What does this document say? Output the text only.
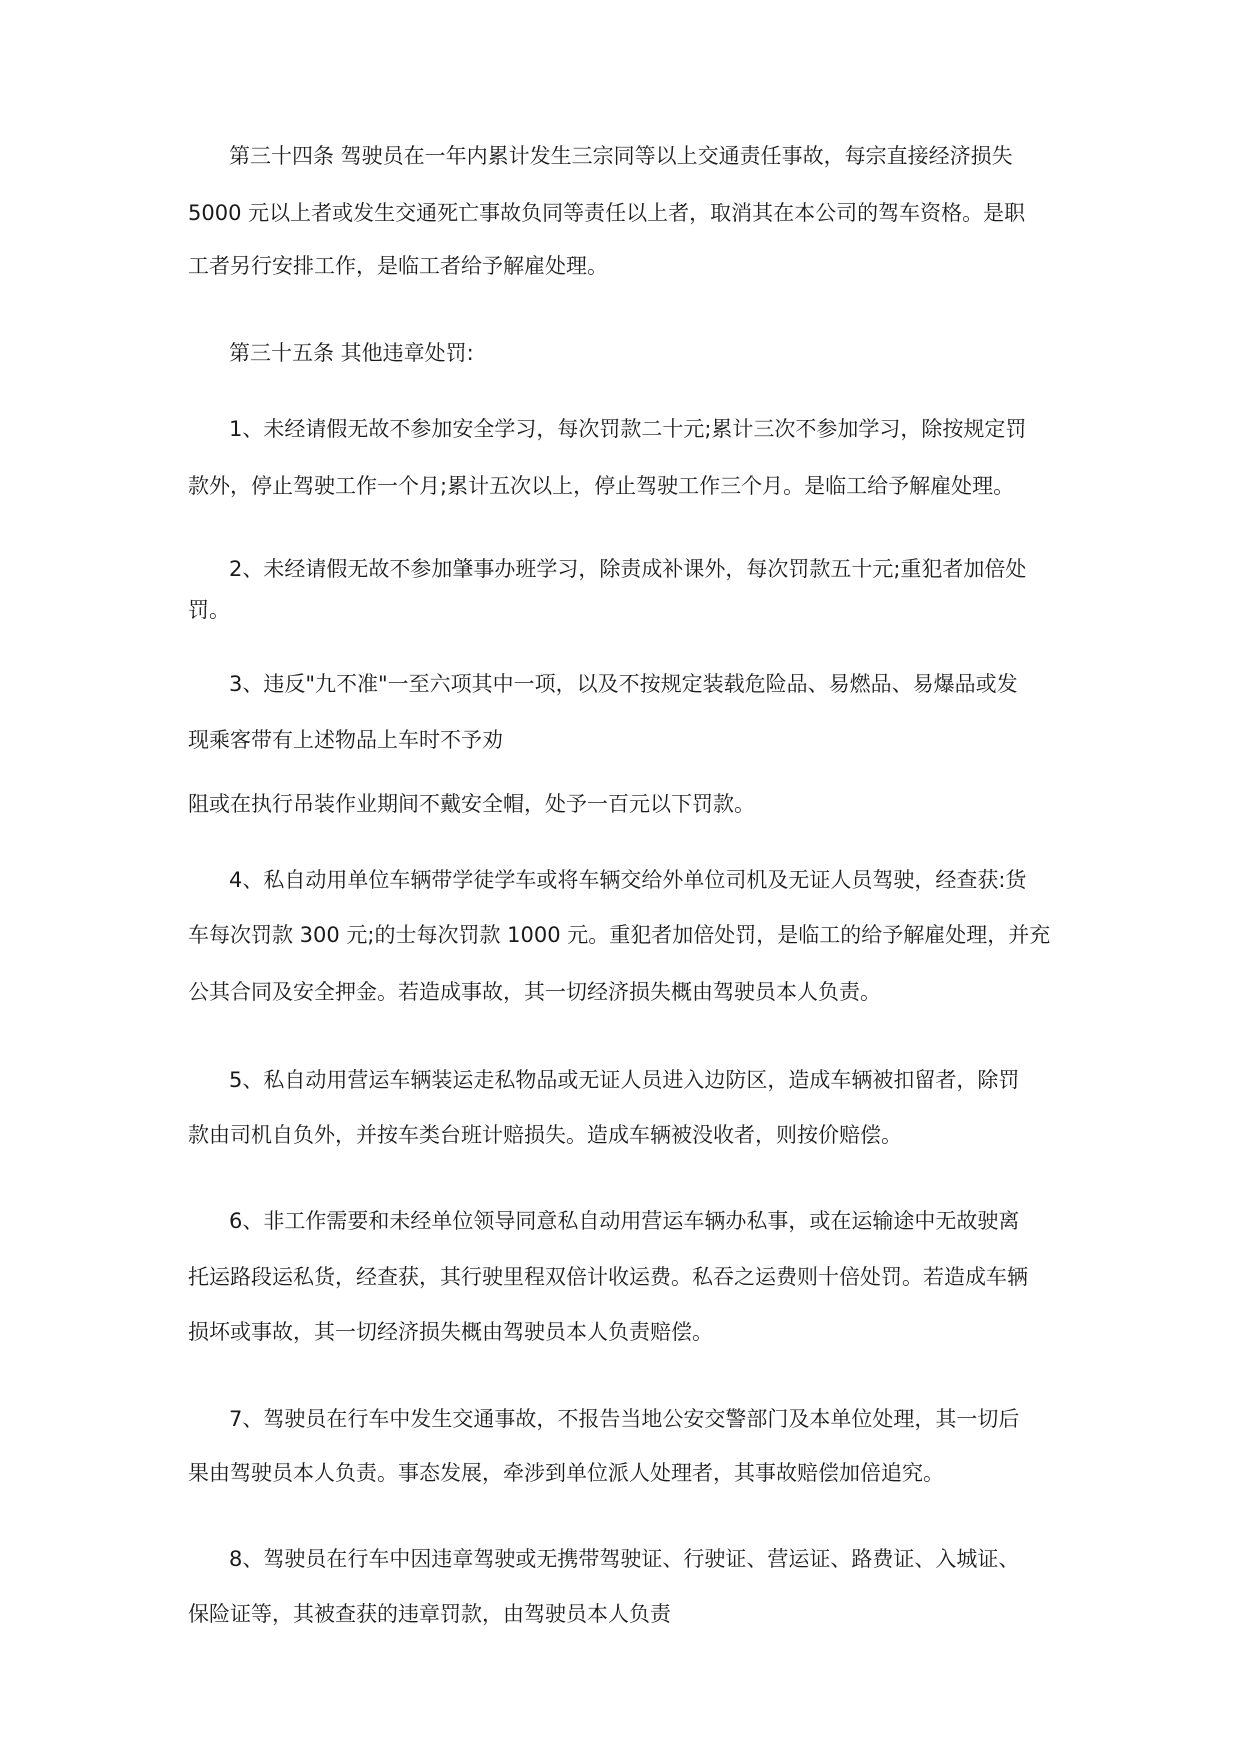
第三十四条 驾驶员在一年内累计发生三宗同等以上交通责任事故，每宗直接经济损失

5000 元以上者或发生交通死亡事故负同等责任以上者，取消其在本公司的驾车资格。是职

工者另行安排工作，是临工者给予解雇处理。

第三十五条 其他违章处罚:

1、未经请假无故不参加安全学习，每次罚款二十元;累计三次不参加学习，除按规定罚

款外，停止驾驶工作一个月;累计五次以上，停止驾驶工作三个月。是临工给予解雇处理。

2、未经请假无故不参加肇事办班学习，除责成补课外，每次罚款五十元;重犯者加倍处

罚。

3、违反"九不准"一至六项其中一项，以及不按规定装载危险品、易燃品、易爆品或发

现乘客带有上述物品上车时不予劝

阻或在执行吊装作业期间不戴安全帽，处予一百元以下罚款。

4、私自动用单位车辆带学徒学车或将车辆交给外单位司机及无证人员驾驶，经查获:货

车每次罚款 300 元;的士每次罚款 1000 元。重犯者加倍处罚，是临工的给予解雇处理，并充

公其合同及安全押金。若造成事故，其一切经济损失概由驾驶员本人负责。

5、私自动用营运车辆装运走私物品或无证人员进入边防区，造成车辆被扣留者，除罚

款由司机自负外，并按车类台班计赔损失。造成车辆被没收者，则按价赔偿。

6、非工作需要和未经单位领导同意私自动用营运车辆办私事，或在运输途中无故驶离

托运路段运私货，经查获，其行驶里程双倍计收运费。私吞之运费则十倍处罚。若造成车辆

损坏或事故，其一切经济损失概由驾驶员本人负责赔偿。

7、驾驶员在行车中发生交通事故，不报告当地公安交警部门及本单位处理，其一切后

果由驾驶员本人负责。事态发展，牵涉到单位派人处理者，其事故赔偿加倍追究。

8、驾驶员在行车中因违章驾驶或无携带驾驶证、行驶证、营运证、路费证、入城证、

保险证等，其被查获的违章罚款，由驾驶员本人负责
